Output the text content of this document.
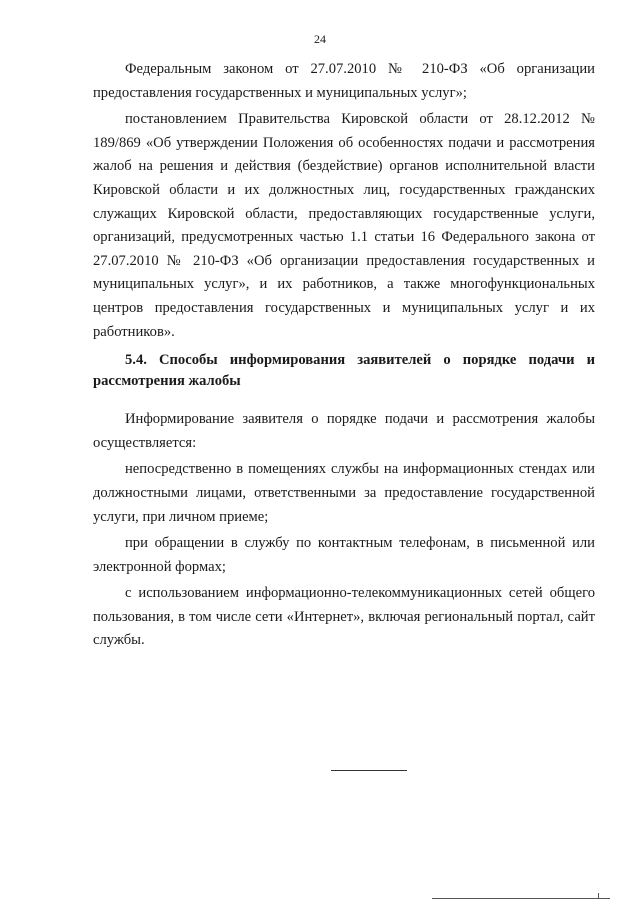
24

Федеральным законом от 27.07.2010 № 210-ФЗ «Об организации предоставления государственных и муниципальных услуг»;

постановлением Правительства Кировской области от 28.12.2012 № 189/869 «Об утверждении Положения об особенностях подачи и рассмотрения жалоб на решения и действия (бездействие) органов исполнительной власти Кировской области и их должностных лиц, государственных гражданских служащих Кировской области, предоставляющих государственные услуги, организаций, предусмотренных частью 1.1 статьи 16 Федерального закона от 27.07.2010 № 210-ФЗ «Об организации предоставления государственных и муниципальных услуг», и их работников, а также многофункциональных центров предоставления государственных и муниципальных услуг и их работников».

5.4. Способы информирования заявителей о порядке подачи и рассмотрения жалобы

Информирование заявителя о порядке подачи и рассмотрения жалобы осуществляется:

непосредственно в помещениях службы на информационных стендах или должностными лицами, ответственными за предоставление государственной услуги, при личном приеме;

при обращении в службу по контактным телефонам, в письменной или электронной формах;

с использованием информационно-телекоммуникационных сетей общего пользования, в том числе сети «Интернет», включая региональный портал, сайт службы.
